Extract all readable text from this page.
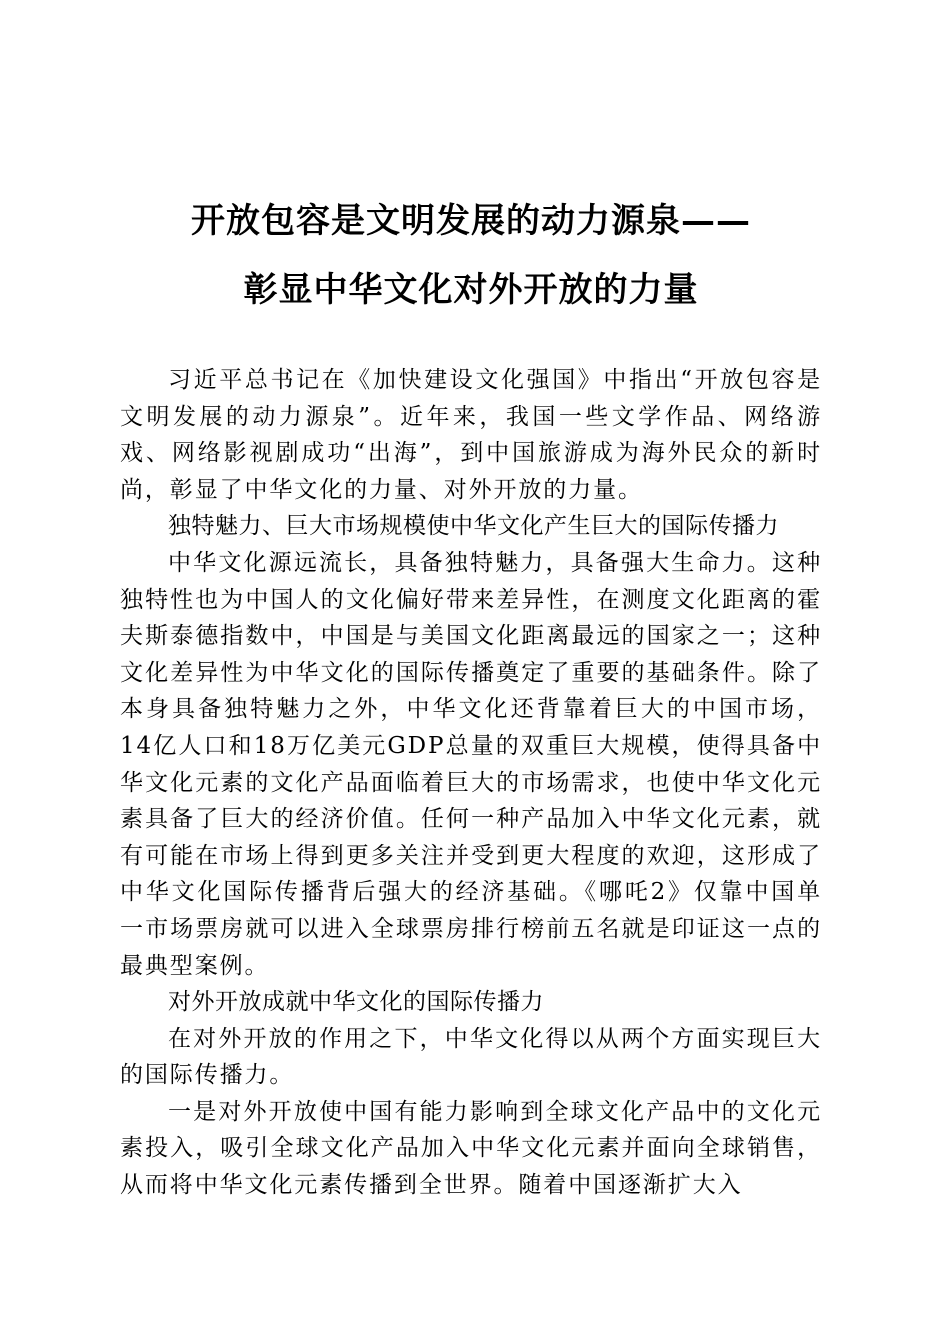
开放包容是文明发展的动力源泉——
彰显中华文化对外开放的力量

习近平总书记在《加快建设文化强国》中指出“开放包容是文明发展的动力源泉”。近年来，我国一些文学作品、网络游戏、网络影视剧成功“出海”，到中国旅游成为海外民众的新时尚，彰显了中华文化的力量、对外开放的力量。

独特魅力、巨大市场规模使中华文化产生巨大的国际传播力

中华文化源远流长，具备独特魅力，具备强大生命力。这种独特性也为中国人的文化偏好带来差异性，在测度文化距离的霍夫斯泰德指数中，中国是与美国文化距离最远的国家之一；这种文化差异性为中华文化的国际传播奠定了重要的基础条件。除了本身具备独特魅力之外，中华文化还背靠着巨大的中国市场，14亿人口和18万亿美元GDP总量的双重巨大规模，使得具备中华文化元素的文化产品面临着巨大的市场需求，也使中华文化元素具备了巨大的经济价值。任何一种产品加入中华文化元素，就有可能在市场上得到更多关注并受到更大程度的欢迎，这形成了中华文化国际传播背后强大的经济基础。《哪吒2》仅靠中国单一市场票房就可以进入全球票房排行榜前五名就是印证这一点的最典型案例。

对外开放成就中华文化的国际传播力

在对外开放的作用之下，中华文化得以从两个方面实现巨大的国际传播力。

一是对外开放使中国有能力影响到全球文化产品中的文化元素投入，吸引全球文化产品加入中华文化元素并面向全球销售，从而将中华文化元素传播到全世界。随着中国逐渐扩大入
